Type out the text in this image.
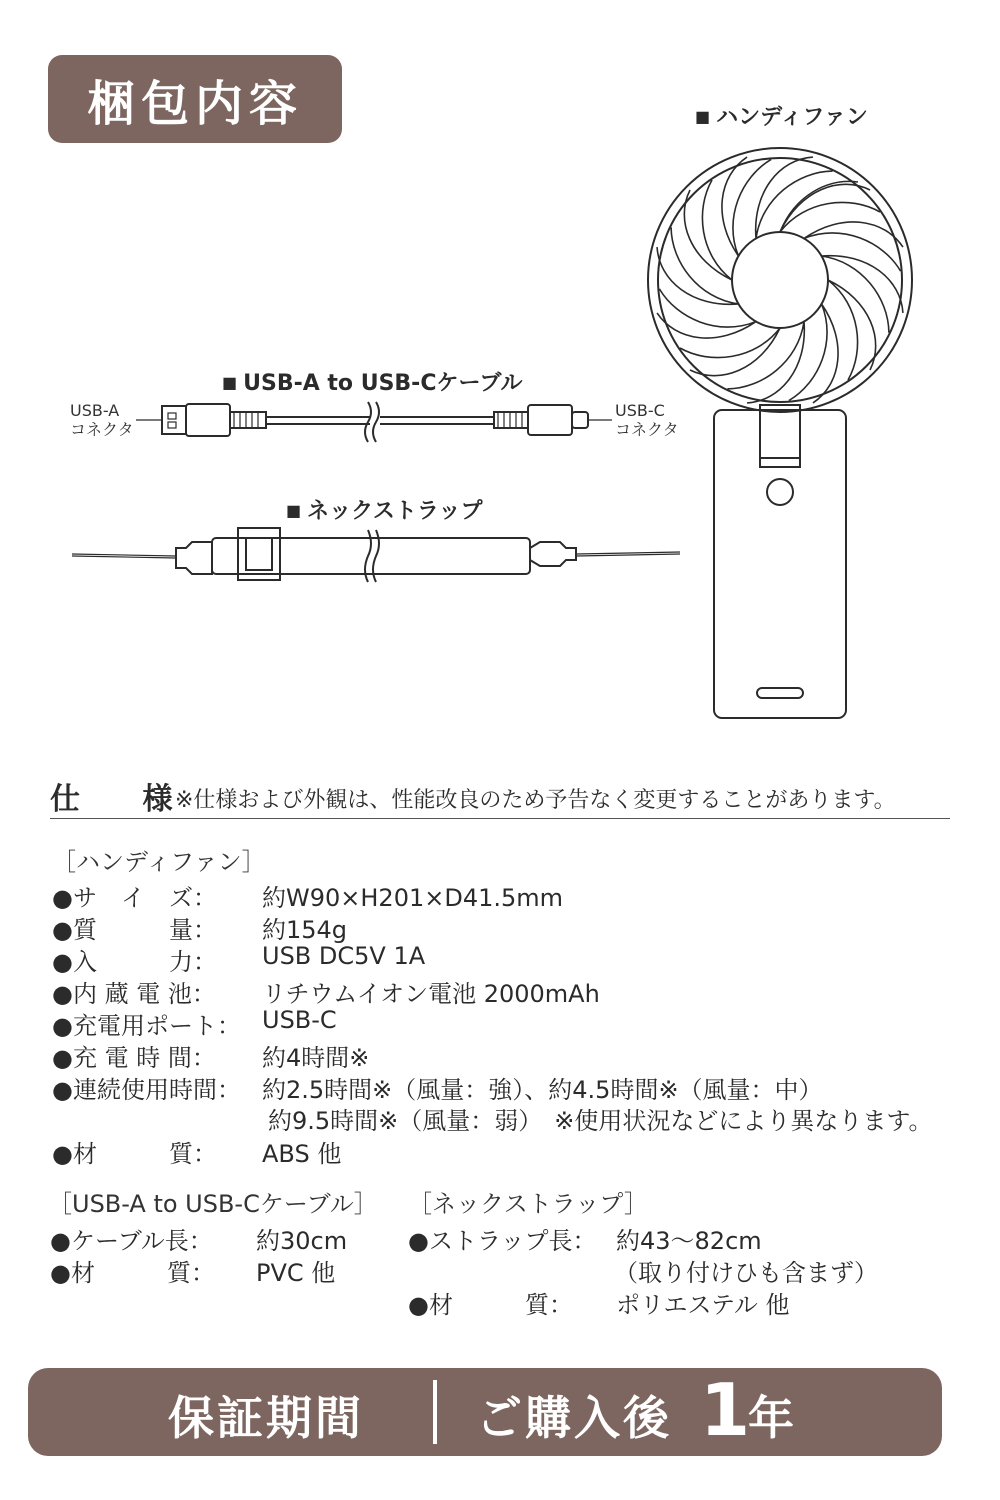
梱包内容
■	ハンディファン
■ USB-A to USB-Cケーブル
■ ネックストラップ
USB-A
コネクタ
USB-C
コネクタ
仕 様
※仕様および外観は、性能改良のため予告なく変更することがあります。
［ハンディファン］
●サ　イ　ズ： 約W90×H201×D41.5mm
●質　　　量： 約154g
●入　　　力： USB DC5V 1A
●内 蔵 電 池： リチウムイオン電池 2000mAh
●充電用ポート： USB-C
●充 電 時 間： 約4時間※
●連続使用時間： 約2.5時間※（風量：強）、約4.5時間※（風量：中）
●材　　　質： ABS 他
約9.5時間※（風量：弱）　※使用状況などにより異なります。
［USB-A to USB-Cケーブル］
●ケーブル長： 約30cm
●材　　　質： PVC 他
［ネックストラップ］
●ストラップ長： 約43〜82cm
●材　　　質： ポリエステル 他
（取り付けひも含まず）
保証期間 ご購入後 1
年
